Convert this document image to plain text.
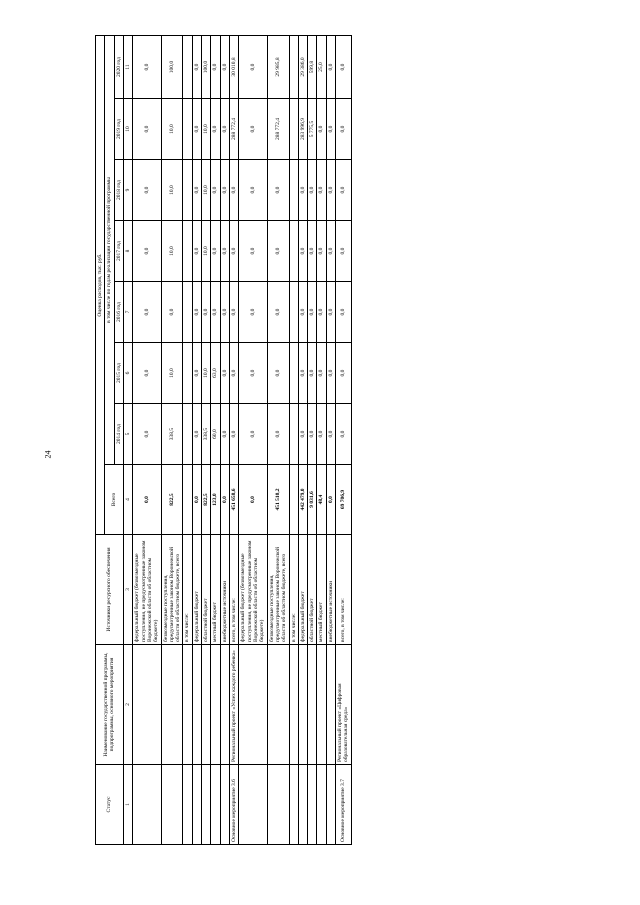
24
Статус	Наименование государственной программы, подпрограммы, основного мероприятия	Источники ресурсного обеспечения	Оценка расходов, тыс. руб.							
			Всего	в том числе по годам реализации государственной программы						
				2014 год	2015 год	2016 год	2017 год	2018 год	2019 год	2020 год
1	2	3	4	5	6	7	8	9	10	11
		федеральный бюджет (безвозмездные поступления, не предусмотренные законом Воронежской области об областном бюджете)	0,0	0,0	0,0	0,0	0,0	0,0	0,0	0,0
		безвозмездные поступления, предусмотренные законом Воронежской области об областном бюджете, всего	822,5	338,5	10,0	0,0	10,0	10,0	10,0	100,0
		в том числе:								
		федеральный бюджет	0,0	0,0	0,0	0,0	0,0	0,0	0,0	0,0
		областной бюджет	822,5	338,5	10,0	0,0	10,0	10,0	10,0	100,0
		местный бюджет	123,0	60,0	63,0	0,0	0,0	0,0	0,0	0,0
		внебюджетные источники	0,0	0,0	0,0	0,0	0,0	0,0	0,0	0,0
Основное мероприятие 3.6	Региональный проект «Успех каждого ребенка»	всего, в том числе:	451 658,6	0,0	0,0	0,0	0,0	0,0	288 772,4	30 010,8
		федеральный бюджет (безвозмездные поступления, не предусмотренные законом Воронежской области об областном бюджете)	0,0	0,0	0,0	0,0	0,0	0,0	0,0	0,0
		безвозмездные поступления, предусмотренные законом Воронежской области об областном бюджете, всего	451 510,2	0,0	0,0	0,0	0,0	0,0	288 772,4	29 985,8
		в том числе:								
		федеральный бюджет	442 479,0	0,0	0,0	0,0	0,0	0,0	283 996,9	29 386,0
		областной бюджет	9 031,6	0,0	0,0	0,0	0,0	0,0	5 775,5	599,8
		местный бюджет	48,4	0,0	0,0	0,0	0,0	0,0	0,0	25,0
		внебюджетные источники	0,0	0,0	0,0	0,0	0,0	0,0	0,0	0,0
Основное мероприятие 3.7	Региональный проект «Цифровая образовательная среда»	всего, в том числе:	69 706,9	0,0	0,0	0,0	0,0	0,0	0,0	0,0
